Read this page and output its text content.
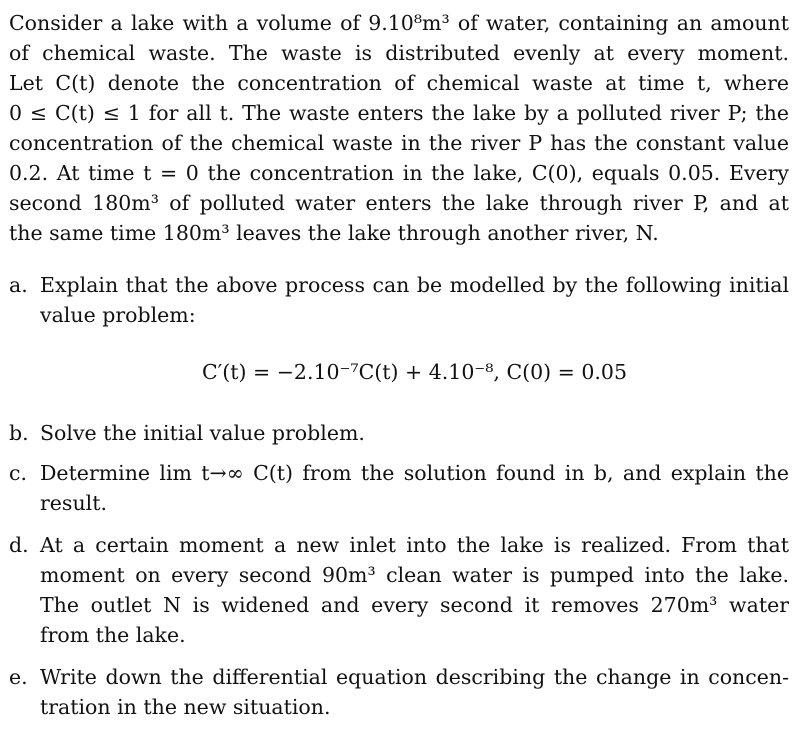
Consider a lake with a volume of 9.10⁸m³ of water, containing an amount
of chemical waste. The waste is distributed evenly at every moment.
Let C(t) denote the concentration of chemical waste at time t, where
0 ≤ C(t) ≤ 1 for all t. The waste enters the lake by a polluted river P; the
concentration of the chemical waste in the river P has the constant value
0.2. At time t = 0 the concentration in the lake, C(0), equals 0.05. Every
second 180m³ of polluted water enters the lake through river P, and at
the same time 180m³ leaves the lake through another river, N.

a. Explain that the above process can be modelled by the following initial
value problem:
C′(t) = −2.10⁻⁷C(t) + 4.10⁻⁸, C(0) = 0.05
b. Solve the initial value problem.
c. Determine lim t→∞ C(t) from the solution found in b, and explain the
result.
d. At a certain moment a new inlet into the lake is realized. From that
moment on every second 90m³ clean water is pumped into the lake.
The outlet N is widened and every second it removes 270m³ water
from the lake.
e. Write down the differential equation describing the change in concen-
tration in the new situation.
